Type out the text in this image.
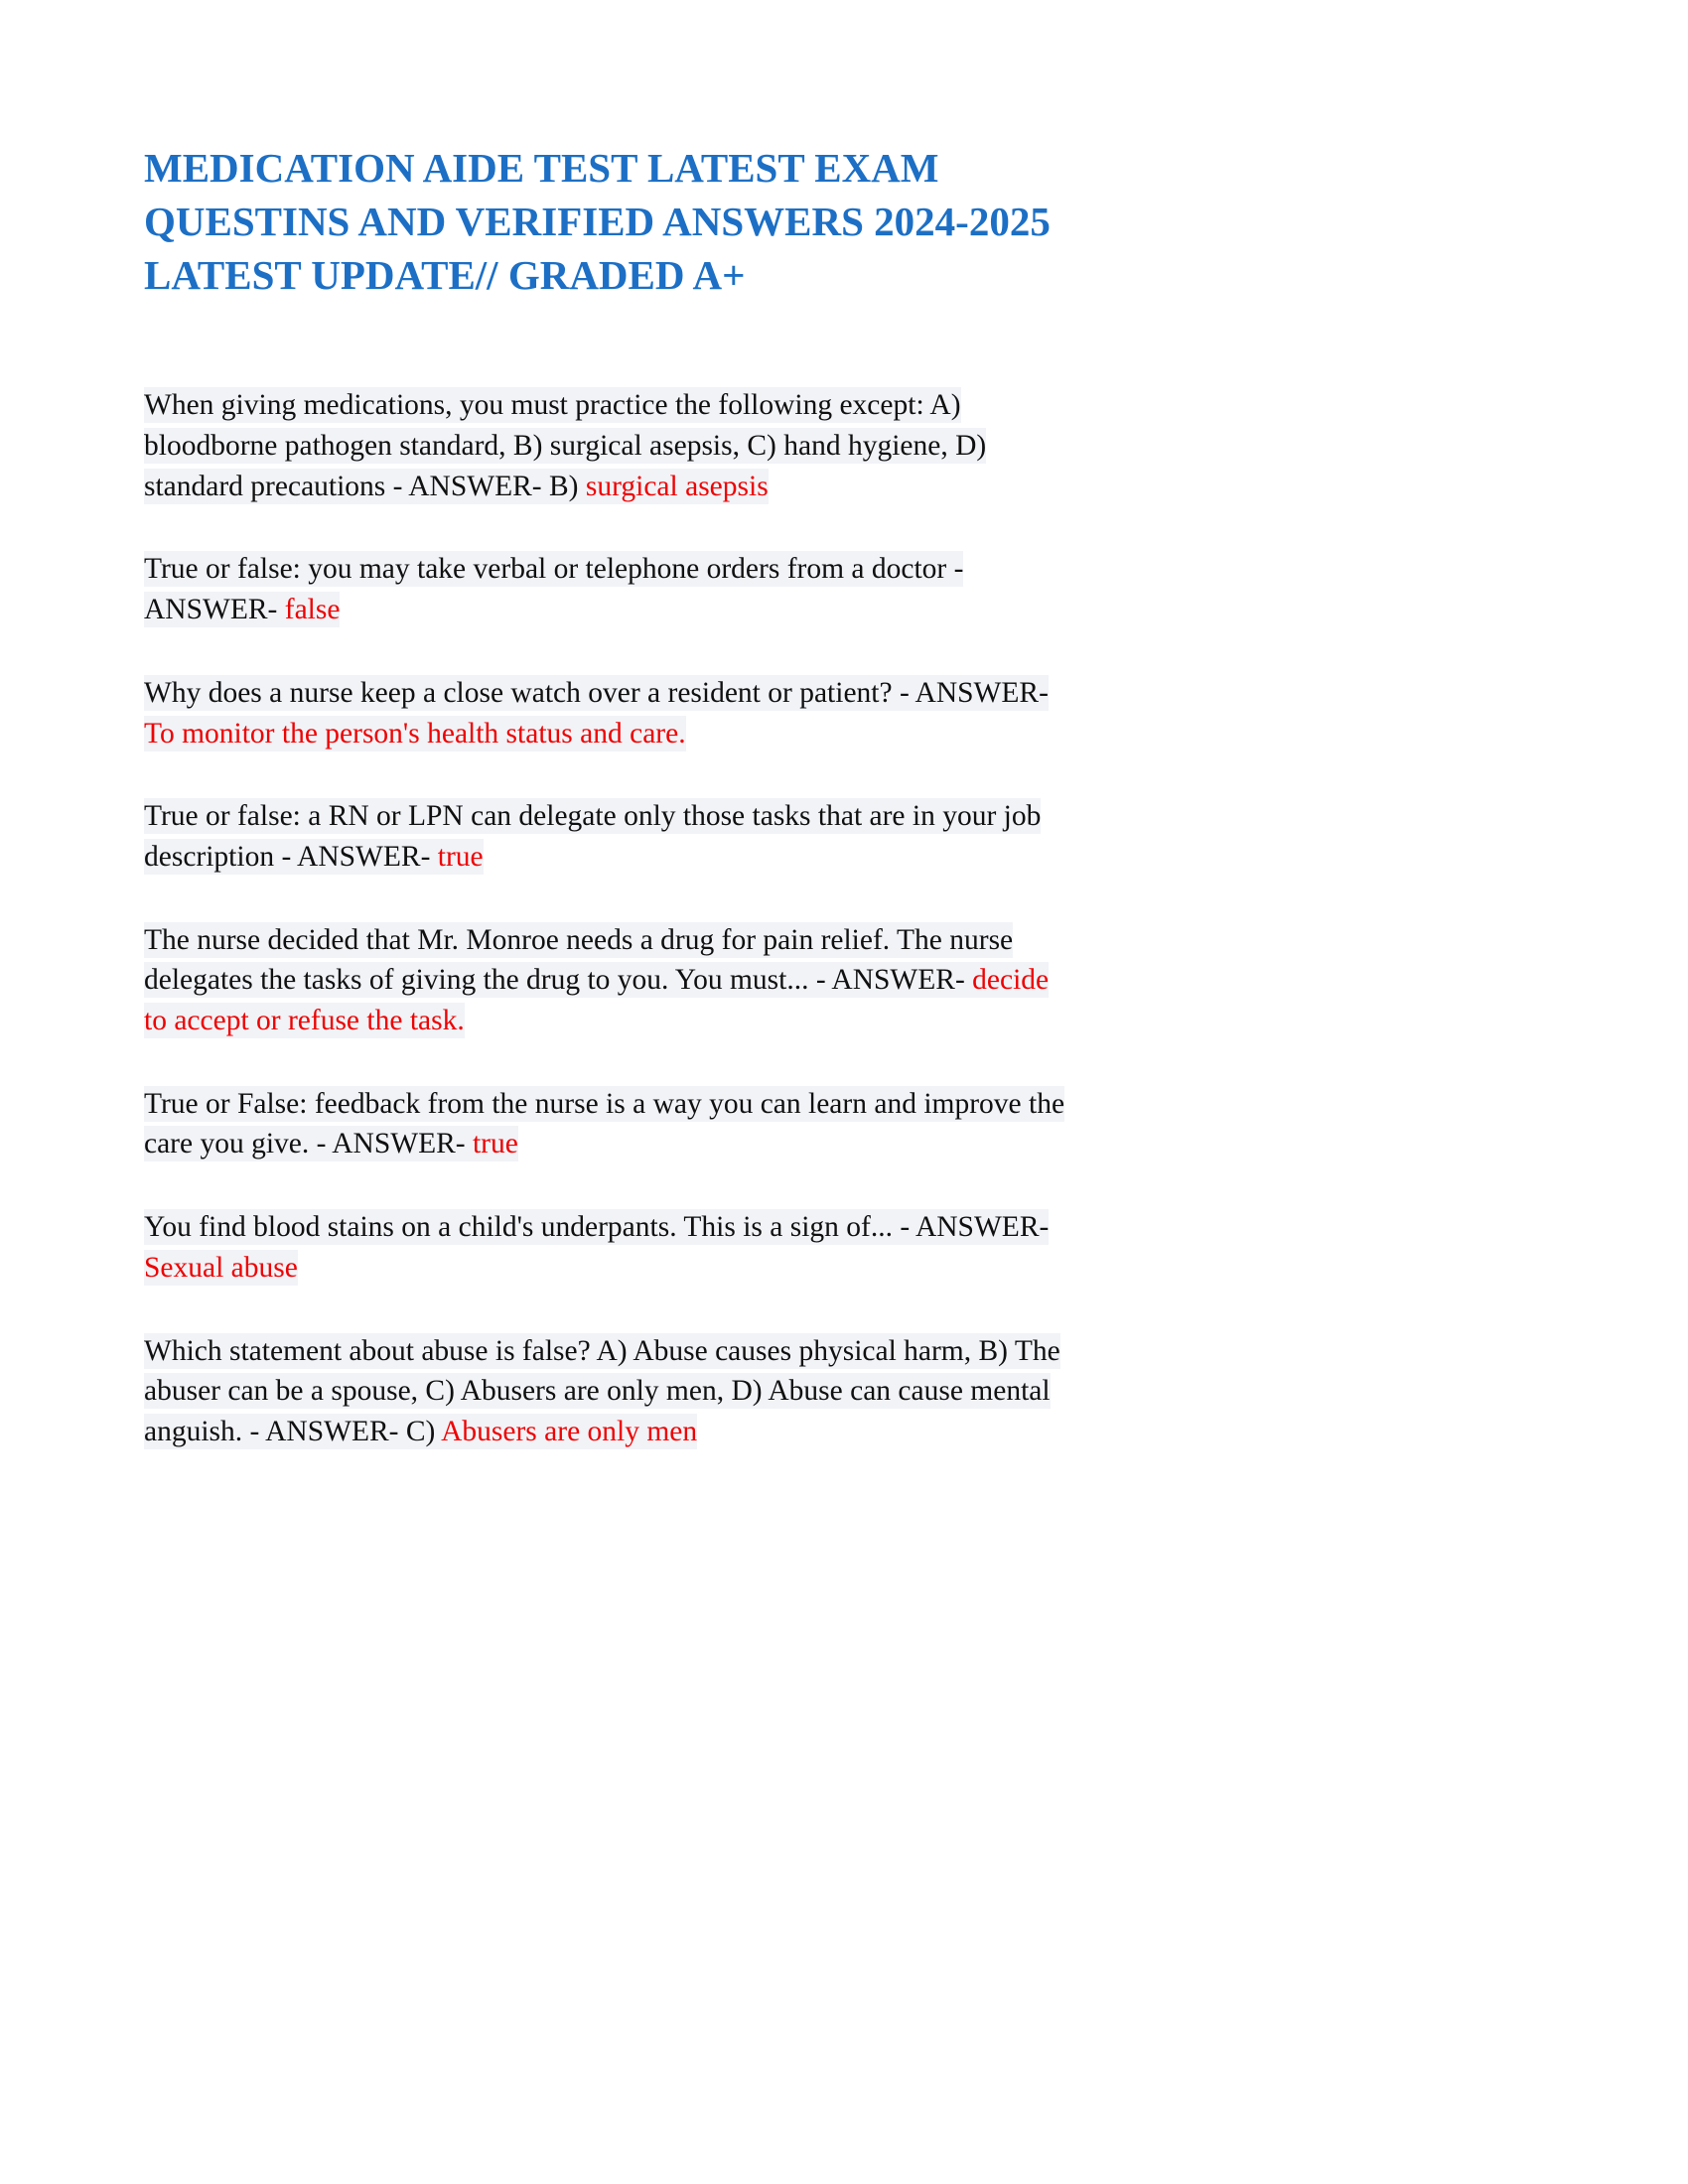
MEDICATION AIDE TEST LATEST EXAM QUESTINS AND VERIFIED ANSWERS 2024-2025 LATEST UPDATE// GRADED A+

When giving medications, you must practice the following except: A) bloodborne pathogen standard, B) surgical asepsis, C) hand hygiene, D) standard precautions - ANSWER- B) surgical asepsis

True or false: you may take verbal or telephone orders from a doctor - ANSWER- false

Why does a nurse keep a close watch over a resident or patient? - ANSWER- To monitor the person's health status and care.

True or false: a RN or LPN can delegate only those tasks that are in your job description - ANSWER- true

The nurse decided that Mr. Monroe needs a drug for pain relief. The nurse delegates the tasks of giving the drug to you. You must... - ANSWER- decide to accept or refuse the task.

True or False: feedback from the nurse is a way you can learn and improve the care you give. - ANSWER- true

You find blood stains on a child's underpants. This is a sign of... - ANSWER- Sexual abuse

Which statement about abuse is false? A) Abuse causes physical harm, B) The abuser can be a spouse, C) Abusers are only men, D) Abuse can cause mental anguish. - ANSWER- C) Abusers are only men
